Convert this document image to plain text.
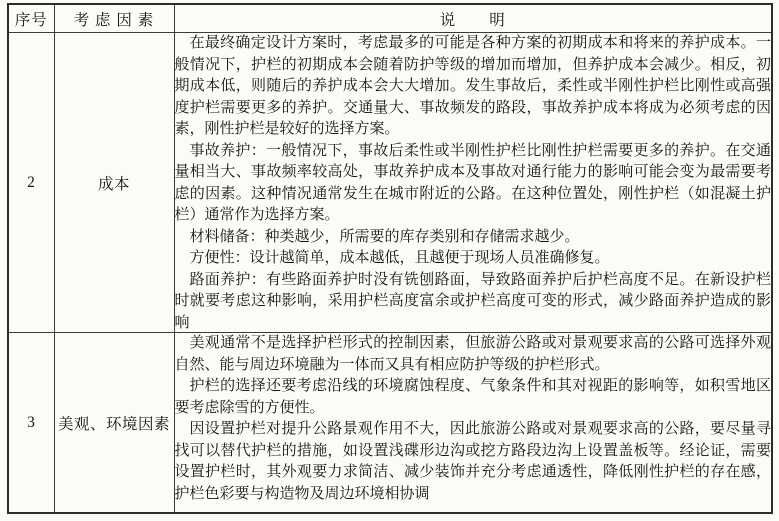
序号	考 虑 因 素	说　　明
2	成本	在最终确定设计方案时，考虑最多的可能是各种方案的初期成本和将来的养护成本。一般情况下，护栏的初期成本会随着防护等级的增加而增加，但养护成本会减少。相反，初期成本低，则随后的养护成本会大大增加。发生事故后，柔性或半刚性护栏比刚性或高强度护栏需要更多的养护。交通量大、事故频发的路段，事故养护成本将成为必须考虑的因素，刚性护栏是较好的选择方案。

事故养护：一般情况下，事故后柔性或半刚性护栏比刚性护栏需要更多的养护。在交通量相当大、事故频率较高处，事故养护成本及事故对通行能力的影响可能会变为最需要考虑的因素。这种情况通常发生在城市附近的公路。在这种位置处，刚性护栏（如混凝土护栏）通常作为选择方案。

材料储备：种类越少，所需要的库存类别和存储需求越少。

方便性：设计越简单，成本越低，且越便于现场人员准确修复。

路面养护：有些路面养护时没有铣刨路面，导致路面养护后护栏高度不足。在新设护栏时就要考虑这种影响，采用护栏高度富余或护栏高度可变的形式，减少路面养护造成的影响

3	美观、环境因素	美观通常不是选择护栏形式的控制因素，但旅游公路或对景观要求高的公路可选择外观自然、能与周边环境融为一体而又具有相应防护等级的护栏形式。

护栏的选择还要考虑沿线的环境腐蚀程度、气象条件和其对视距的影响等，如积雪地区要考虑除雪的方便性。

因设置护栏对提升公路景观作用不大，因此旅游公路或对景观要求高的公路，要尽量寻找可以替代护栏的措施，如设置浅碟形边沟或挖方路段边沟上设置盖板等。经论证，需要设置护栏时，其外观要力求简洁、减少装饰并充分考虑通透性，降低刚性护栏的存在感，护栏色彩要与构造物及周边环境相协调
